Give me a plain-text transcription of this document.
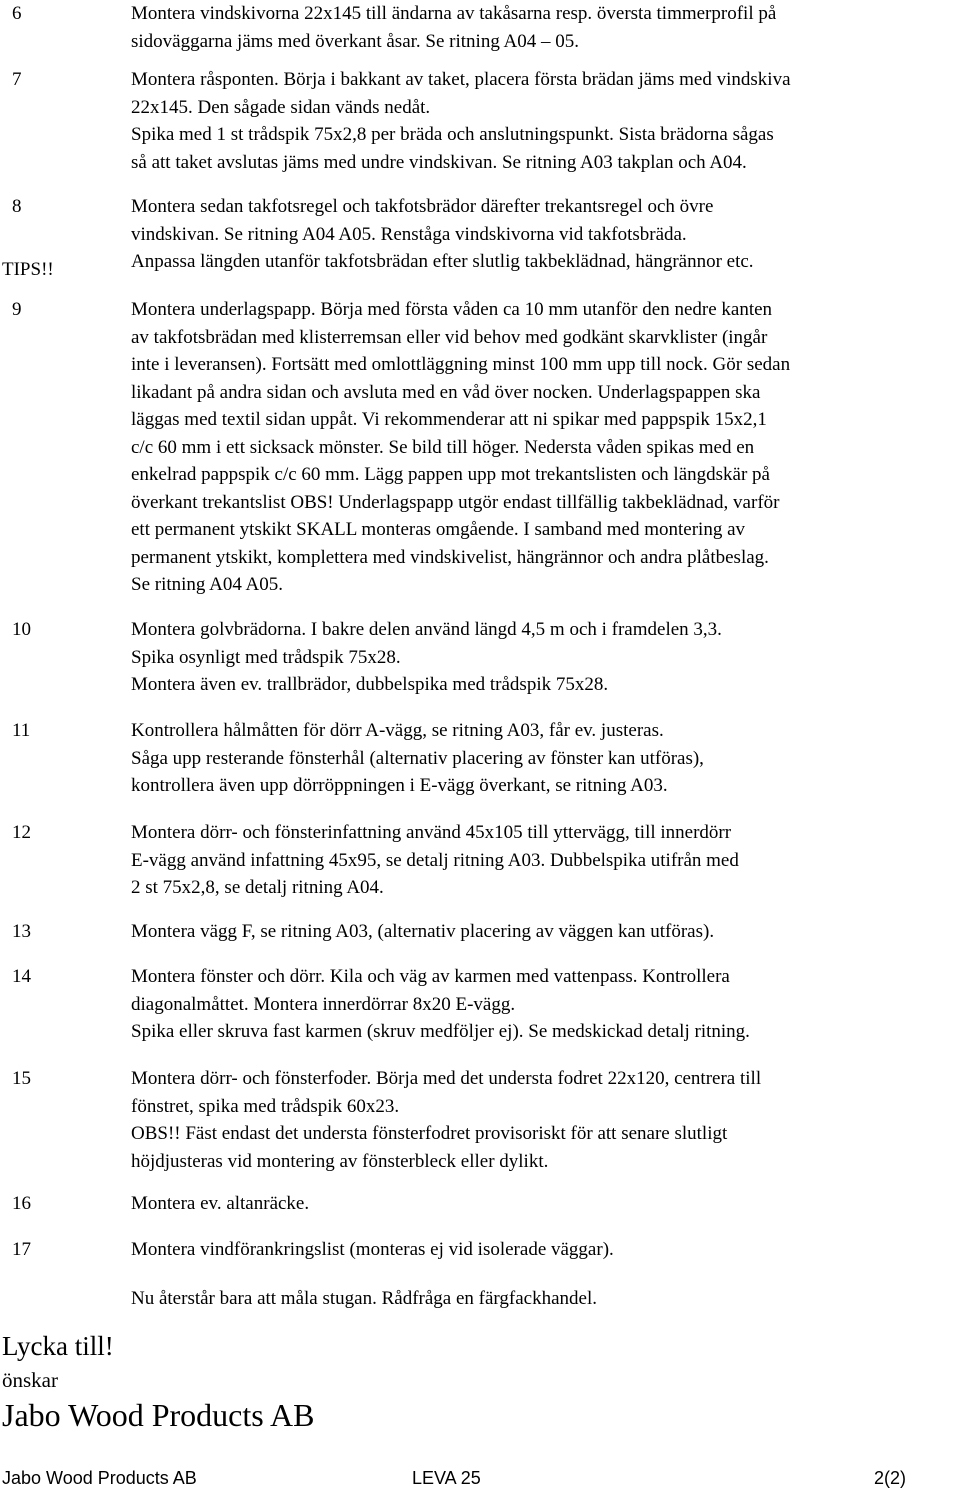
6	Montera vindskivorna 22x145 till ändarna av takåsarna resp. översta timmerprofil på
sidoväggarna jäms med överkant åsar. Se ritning A04 – 05.
7	Montera råsponten. Börja i bakkant av taket, placera första brädan jäms med vindskiva
22x145. Den sågade sidan vänds nedåt.
Spika med 1 st trådspik 75x2,8 per bräda och anslutningspunkt. Sista brädorna sågas
så att taket avslutas jäms med undre vindskivan. Se ritning A03 takplan och A04.
8	Montera sedan takfotsregel och takfotsbrädor därefter trekantsregel och övre
vindskivan. Se ritning A04 A05. Renståga vindskivorna vid takfotsbräda.
Anpassa längden utanför takfotsbrädan efter slutlig takbeklädnad, hängrännor etc.
9	Montera underlagspapp. Börja med första våden ca 10 mm utanför den nedre kanten
av takfotsbrädan med klisterremsan eller vid behov med godkänt skarvklister (ingår
inte i leveransen). Fortsätt med omlottläggning minst 100 mm upp till nock. Gör sedan
likadant på andra sidan och avsluta med en våd över nocken. Underlagspappen ska
läggas med textil sidan uppåt. Vi rekommenderar att ni spikar med pappspik 15x2,1
c/c 60 mm i ett sicksack mönster. Se bild till höger. Nedersta våden spikas med en
enkelrad pappspik c/c 60 mm. Lägg pappen upp mot trekantslisten och längdskär på
överkant trekantslist OBS! Underlagspapp utgör endast tillfällig takbeklädnad, varför
ett permanent ytskikt SKALL monteras omgående. I samband med montering av
permanent ytskikt, komplettera med vindskivelist, hängrännor och andra plåtbeslag.
Se ritning A04 A05.
10	Montera golvbrädorna. I bakre delen använd längd 4,5 m och i framdelen 3,3.
Spika osynligt med trådspik 75x28.
Montera även ev. trallbrädor, dubbelspika med trådspik 75x28.
11	Kontrollera hålmåtten för dörr A-vägg, se ritning A03, får ev. justeras.
Såga upp resterande fönsterhål (alternativ placering av fönster kan utföras),
kontrollera även upp dörröppningen i E-vägg överkant, se ritning A03.
12	Montera dörr- och fönsterinfattning använd 45x105 till yttervägg, till innerdörr
E-vägg använd infattning 45x95, se detalj ritning A03. Dubbelspika utifrån med
2 st 75x2,8, se detalj ritning A04.
13	Montera vägg F, se ritning A03, (alternativ placering av väggen kan utföras).
14	Montera fönster och dörr. Kila och väg av karmen med vattenpass. Kontrollera
diagonalmåttet. Montera innerdörrar 8x20 E-vägg.
Spika eller skruva fast karmen (skruv medföljer ej). Se medskickad detalj ritning.
15	Montera dörr- och fönsterfoder. Börja med det understa fodret 22x120, centrera till
fönstret, spika med trådspik 60x23.
OBS!! Fäst endast det understa fönsterfodret provisoriskt för att senare slutligt
höjdjusteras vid montering av fönsterbleck eller dylikt.
16	Montera ev. altanräcke.
17	Montera vindförankringslist (monteras ej vid isolerade väggar).
TIPS!!
Nu återstår bara att måla stugan. Rådfråga en färgfackhandel.
Lycka till!
önskar
Jabo Wood Products AB
Jabo Wood Products AB	LEVA 25	2(2)
